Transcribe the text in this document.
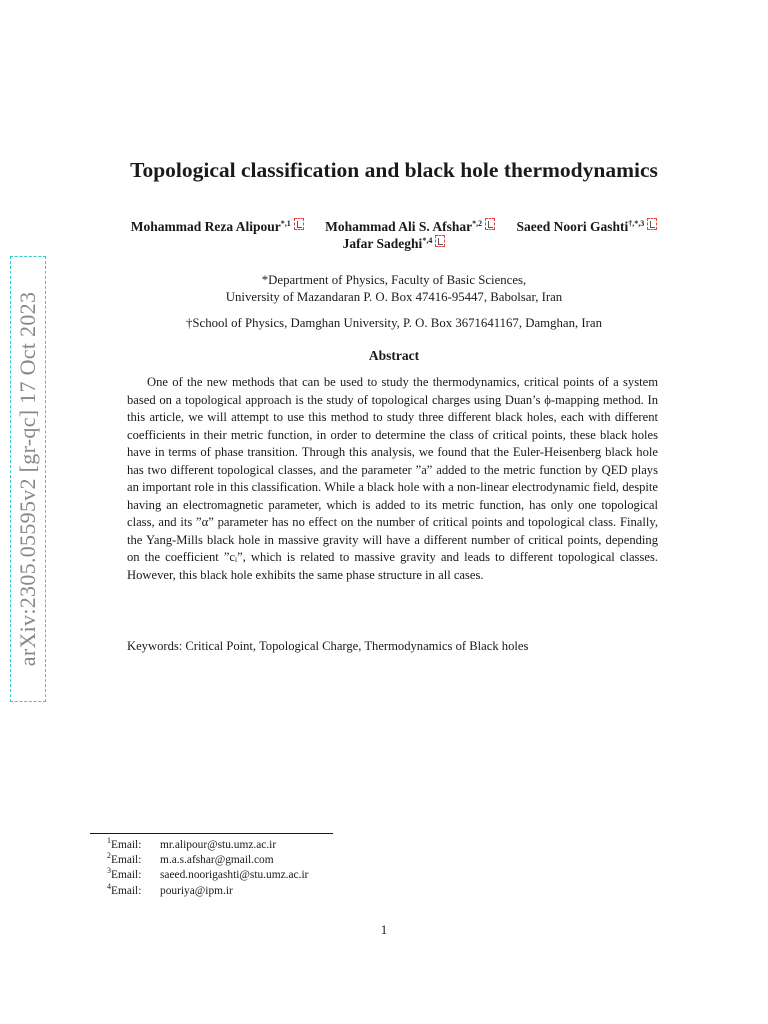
arXiv:2305.05595v2 [gr-qc] 17 Oct 2023
Topological classification and black hole thermodynamics
Mohammad Reza Alipour$^{*,1}$	Mohammad Ali S. Afshar$^{*,2}$	Saeed Noori Gashti$^{\dagger,*,3}$
Jafar Sadeghi$^{*,4}$
*Department of Physics, Faculty of Basic Sciences,
University of Mazandaran P. O. Box 47416-95447, Babolsar, Iran
†School of Physics, Damghan University, P. O. Box 3671641167, Damghan, Iran
Abstract
One of the new methods that can be used to study the thermodynamics, critical points of a system based on a topological approach is the study of topological charges using Duan’s ϕ-mapping method. In this article, we will attempt to use this method to study three different black holes, each with different coefficients in their metric function, in order to determine the class of critical points, these black holes have in terms of phase transition. Through this analysis, we found that the Euler-Heisenberg black hole has two different topological classes, and the parameter ”a” added to the metric function by QED plays an important role in this classification. While a black hole with a non-linear electrodynamic field, despite having an electromagnetic parameter, which is added to its metric function, has only one topological class, and its ”α” parameter has no effect on the number of critical points and topological class. Finally, the Yang-Mills black hole in massive gravity will have a different number of critical points, depending on the coefficient ”cᵢ”, which is related to massive gravity and leads to different topological classes. However, this black hole exhibits the same phase structure in all cases.
Keywords: Critical Point, Topological Charge, Thermodynamics of Black holes
$^1$Email: mr.alipour@stu.umz.ac.ir
$^2$Email: m.a.s.afshar@gmail.com
$^3$Email: saeed.noorigashti@stu.umz.ac.ir
$^4$Email: pouriya@ipm.ir
1
